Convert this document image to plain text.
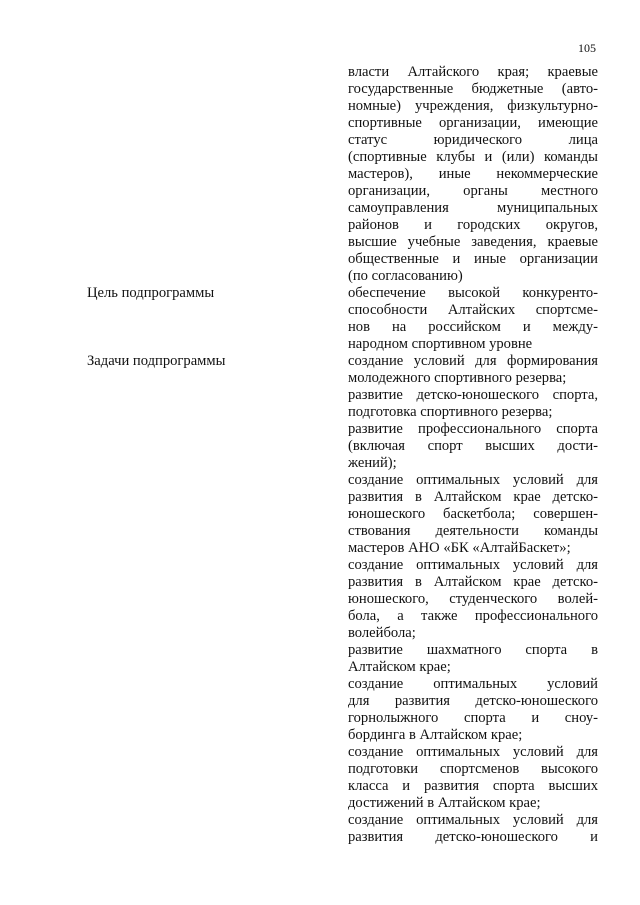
105
власти Алтайского края; краевые
государственные бюджетные (авто-
номные) учреждения, физкультурно-
спортивные организации, имеющие
статус юридического лица
(спортивные клубы и (или) команды
мастеров), иные некоммерческие
организации, органы местного
самоуправления муниципальных
районов и городских округов,
высшие учебные заведения, краевые
общественные и иные организации
(по согласованию)
Цель подпрограммы	обеспечение высокой конкуренто-
способности Алтайских спортсме-
нов на российском и между-
народном спортивном уровне
Задачи подпрограммы	создание условий для формирования
молодежного спортивного резерва;
развитие детско-юношеского спорта,
подготовка спортивного резерва;
развитие профессионального спорта
(включая спорт высших дости-
жений);
создание оптимальных условий для
развития в Алтайском крае детско-
юношеского баскетбола; совершен-
ствования деятельности команды
мастеров АНО «БК «АлтайБаскет»;
создание оптимальных условий для
развития в Алтайском крае детско-
юношеского, студенческого волей-
бола, а также профессионального
волейбола;
развитие шахматного спорта в
Алтайском крае;
создание оптимальных условий
для развития детско-юношеского
горнолыжного спорта и сноу-
бординга в Алтайском крае;
создание оптимальных условий для
подготовки спортсменов высокого
класса и развития спорта высших
достижений в Алтайском крае;
создание оптимальных условий для
развития детско-юношеского и
